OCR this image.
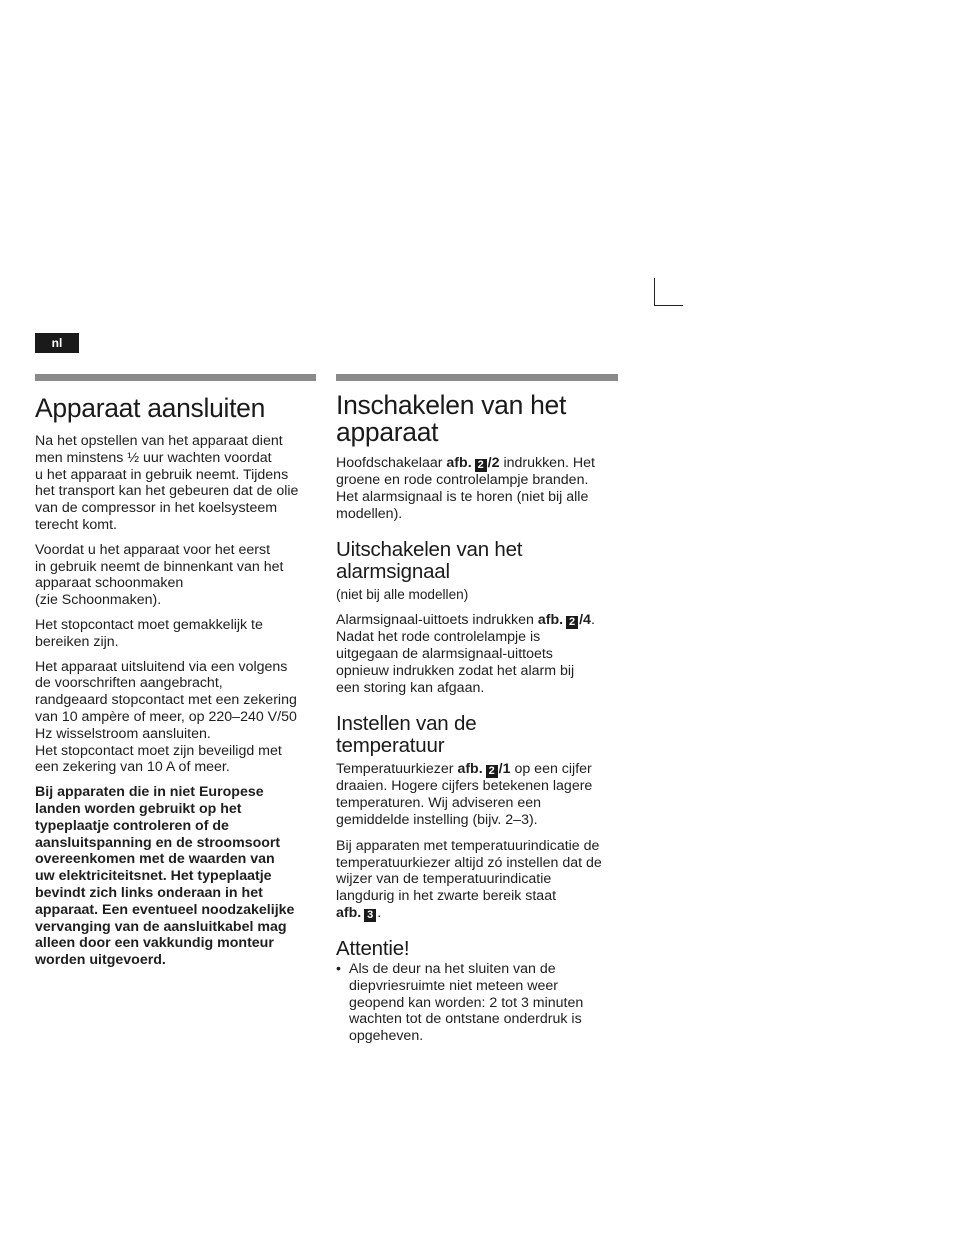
nl
Apparaat aansluiten

Na het opstellen van het apparaat dient
men minstens ½ uur wachten voordat
u het apparaat in gebruik neemt. Tijdens
het transport kan het gebeuren dat de olie
van de compressor in het koelsysteem
terecht komt.

Voordat u het apparaat voor het eerst
in gebruik neemt de binnenkant van het
apparaat schoonmaken
(zie Schoonmaken).

Het stopcontact moet gemakkelijk te
bereiken zijn.

Het apparaat uitsluitend via een volgens
de voorschriften aangebracht,
randgeaard stopcontact met een zekering
van 10 ampère of meer, op 220–240 V/50
Hz wisselstroom aansluiten.
Het stopcontact moet zijn beveiligd met
een zekering van 10 A of meer.

Bij apparaten die in niet Europese
landen worden gebruikt op het
typeplaatje controleren of de
aansluitspanning en de stroomsoort
overeenkomen met de waarden van
uw elektriciteitsnet. Het typeplaatje
bevindt zich links onderaan in het
apparaat. Een eventueel noodzakelijke
vervanging van de aansluitkabel mag
alleen door een vakkundig monteur
worden uitgevoerd.

Inschakelen van het
apparaat

Hoofdschakelaar afb. 2 /2 indrukken. Het
groene en rode controlelampje branden.
Het alarmsignaal is te horen (niet bij alle
modellen).

Uitschakelen van het
alarmsignaal

(niet bij alle modellen)

Alarmsignaal-uittoets indrukken afb. 2 /4.
Nadat het rode controlelampje is
uitgegaan de alarmsignaal-uittoets
opnieuw indrukken zodat het alarm bij
een storing kan afgaan.

Instellen van de
temperatuur

Temperatuurkiezer afb. 2 /1 op een cijfer
draaien. Hogere cijfers betekenen lagere
temperaturen. Wij adviseren een
gemiddelde instelling (bijv. 2–3).

Bij apparaten met temperatuurindicatie de
temperatuurkiezer altijd zó instellen dat de
wijzer van de temperatuurindicatie
langdurig in het zwarte bereik staat
afb. 3 .

Attentie!

• Als de deur na het sluiten van de
diepvriesruimte niet meteen weer
geopend kan worden: 2 tot 3 minuten
wachten tot de ontstane onderdruk is
opgeheven.
